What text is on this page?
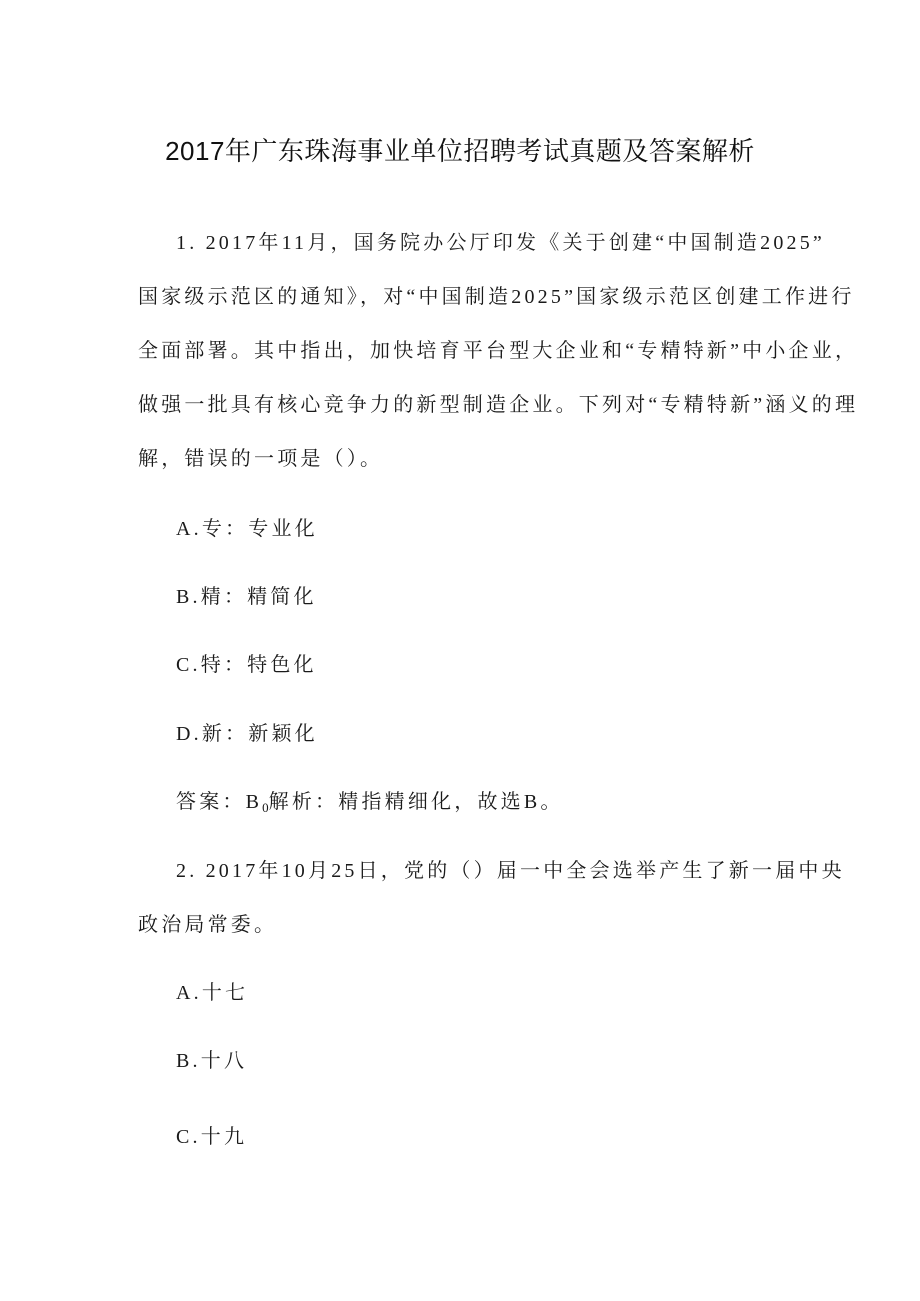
2017年广东珠海事业单位招聘考试真题及答案解析
1. 2017年11月，国务院办公厅印发《关于创建“中国制造2025”
国家级示范区的通知》，对“中国制造2025”国家级示范区创建工作进行
全面部署。其中指出，加快培育平台型大企业和“专精特新”中小企业，
做强一批具有核心竞争力的新型制造企业。下列对“专精特新”涵义的理
解，错误的一项是（）。
A.专：专业化
B.精：精简化
C.特：特色化
D.新：新颖化
答案：$B_0$解析：精指精细化，故选B。
2. 2017年10月25日，党的（）届一中全会选举产生了新一届中央
政治局常委。
A.十七
B.十八
C.十九
